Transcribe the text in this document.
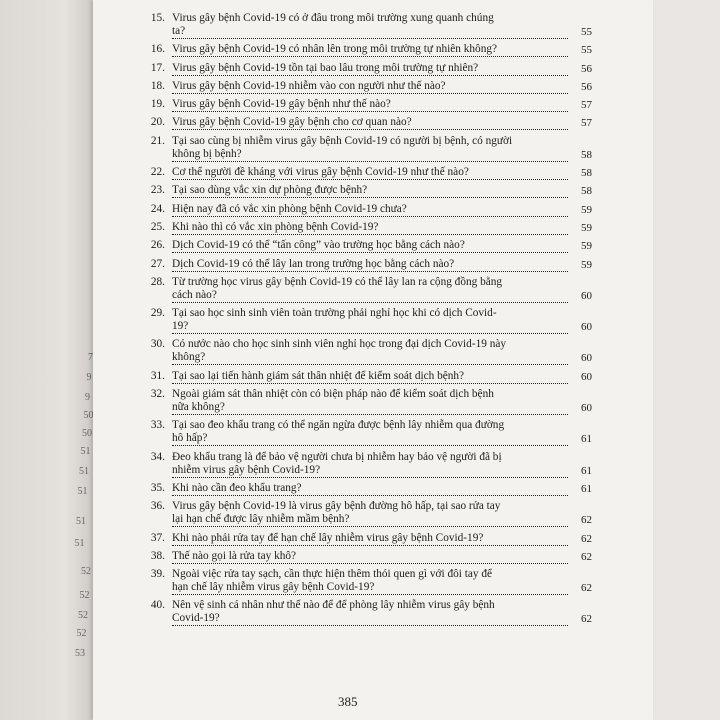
7
9
9
50
50
51
51
51
51
51
52
52
52
52
53
15. Virus gây bệnh Covid-19 có ở đâu trong môi trường xung quanh chúng
ta?	55
16. Virus gây bệnh Covid-19 có nhân lên trong môi trường tự nhiên không?	55
17. Virus gây bệnh Covid-19 tồn tại bao lâu trong môi trường tự nhiên?	56
18. Virus gây bệnh Covid-19 nhiễm vào con người như thế nào?	56
19. Virus gây bệnh Covid-19 gây bệnh như thế nào?	57
20. Virus gây bệnh Covid-19 gây bệnh cho cơ quan nào?	57
21. Tại sao cùng bị nhiễm virus gây bệnh Covid-19 có người bị bệnh, có người
không bị bệnh?	58
22. Cơ thể người đề kháng với virus gây bệnh Covid-19 như thế nào?	58
23. Tại sao dùng vắc xin dự phòng được bệnh?	58
24. Hiện nay đã có vắc xin phòng bệnh Covid-19 chưa?	59
25. Khi nào thì có vắc xin phòng bệnh Covid-19?	59
26. Dịch Covid-19 có thể “tấn công” vào trường học bằng cách nào?	59
27. Dịch Covid-19 có thể lây lan trong trường học bằng cách nào?	59
28. Từ trường học virus gây bệnh Covid-19 có thể lây lan ra cộng đồng bằng
cách nào?	60
29. Tại sao học sinh sinh viên toàn trường phải nghỉ học khi có dịch Covid-
19?	60
30. Có nước nào cho học sinh sinh viên nghỉ học trong đại dịch Covid-19 này
không?	60
31. Tại sao lại tiến hành giám sát thân nhiệt để kiểm soát dịch bệnh?	60
32. Ngoài giám sát thân nhiệt còn có biện pháp nào để kiểm soát dịch bệnh
nữa không?	60
33. Tại sao đeo khẩu trang có thể ngăn ngừa được bệnh lây nhiễm qua đường
hô hấp?	61
34. Đeo khẩu trang là để bảo vệ người chưa bị nhiễm hay bảo vệ người đã bị
nhiễm virus gây bệnh Covid-19?	61
35. Khi nào cần đeo khẩu trang?	61
36. Virus gây bệnh Covid-19 là virus gây bệnh đường hô hấp, tại sao rửa tay
lại hạn chế được lây nhiễm mầm bệnh?	62
37. Khi nào phải rửa tay để hạn chế lây nhiễm virus gây bệnh Covid-19?	62
38. Thế nào gọi là rửa tay khô?	62
39. Ngoài việc rửa tay sạch, cần thực hiện thêm thói quen gì với đôi tay để
hạn chế lây nhiễm virus gây bệnh Covid-19?	62
40. Nên vệ sinh cá nhân như thế nào để để phòng lây nhiễm virus gây bệnh
Covid-19?	62
385
